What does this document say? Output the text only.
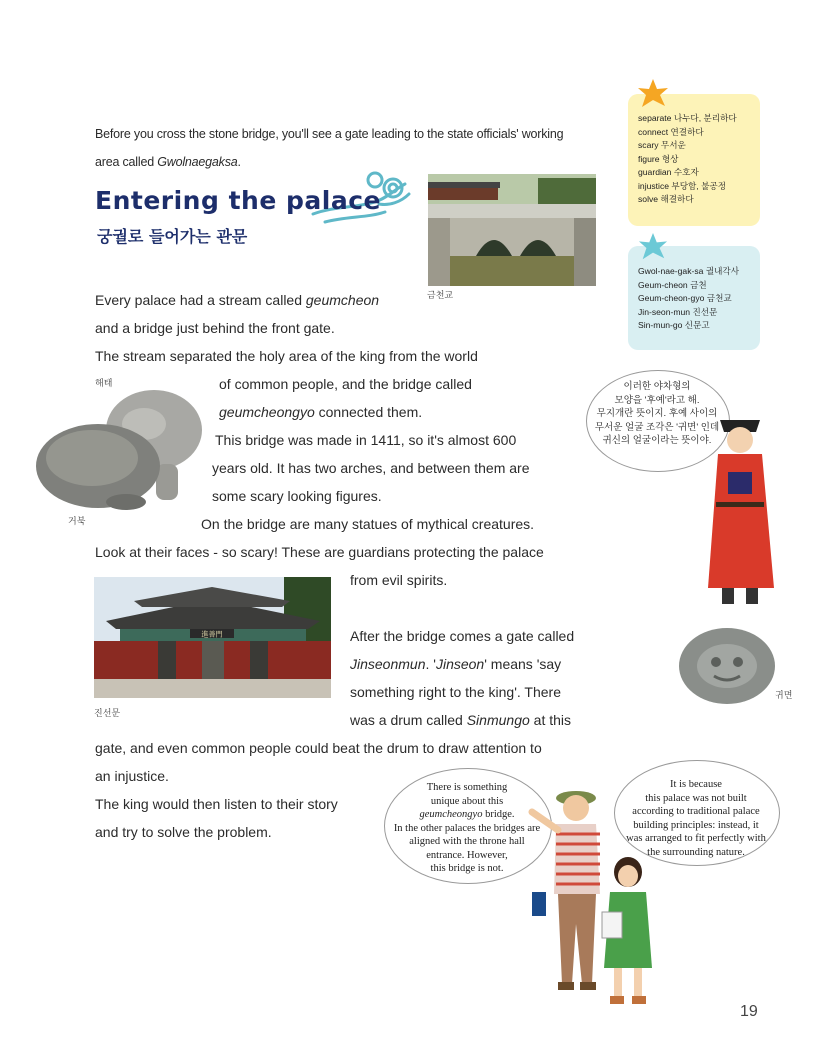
Before you cross the stone bridge, you'll see a gate leading to the state officials' working
area called Gwolnaegaksa.
Entering the palace
궁궐로 들어가는 관문
금천교
Every palace had a stream called geumcheon
and a bridge just behind the front gate.
The stream separated the holy area of the king from the world
of common people, and the bridge called
geumcheongyo connected them.
This bridge was made in 1411, so it's almost 600
years old. It has two arches, and between them are
some scary looking figures.
On the bridge are many statues of mythical creatures.
Look at their faces - so scary! These are guardians protecting the palace
from evil spirits.
After the bridge comes a gate called
Jinseonmun. 'Jinseon' means 'say
something right to the king'. There
was a drum called Sinmungo at this
gate, and even common people could beat the drum to draw attention to
an injustice.
The king would then listen to their story
and try to solve the problem.
해태
거북
進善門
진선문
separate 나누다, 분리하다
connect 연결하다
scary 무서운
figure 형상
guardian 수호자
injustice 부당함, 불공정
solve 해결하다
Gwol-nae-gak-sa 궐내각사
Geum-cheon 금천
Geum-cheon-gyo 금천교
Jin-seon-mun 진선문
Sin-mun-go 신문고
이러한 야차형의
모양을 '후예'라고 해.
무지개란 뜻이지. 후예 사이의
무서운 얼굴 조각은 '귀면' 인데
귀신의 얼굴이라는 뜻이야.
귀면
There is something
unique about this
geumcheongyo bridge.
In the other palaces the bridges are
aligned with the throne hall
entrance. However,
this bridge is not.
It is because
this palace was not built
according to traditional palace
building principles: instead, it
was arranged to fit perfectly with
the surrounding nature.
19
